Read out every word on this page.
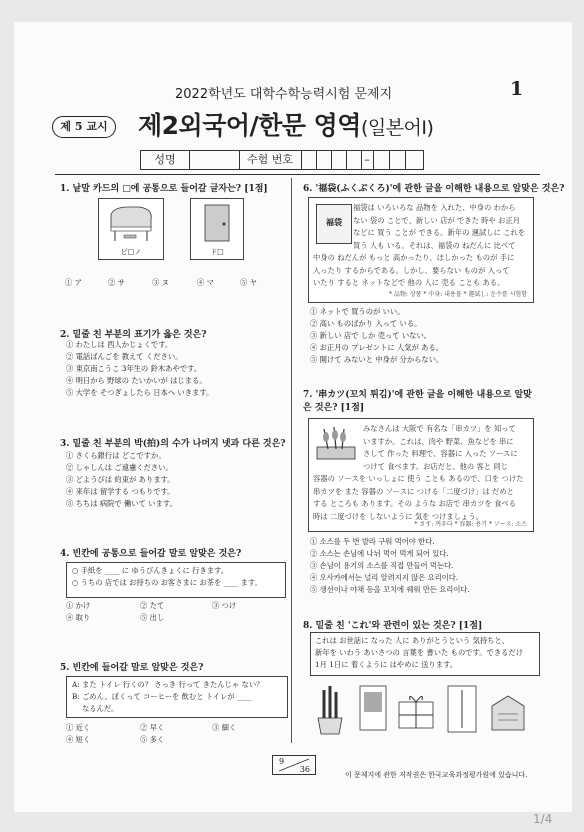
2022학년도 대학수학능력시험 문제지	1
제 5 교시	제2외국어/한문 영역(일본어Ⅰ)
성명	수험 번호	–
1. 낱말 카드의 □에 공통으로 들어갈 글자는? [1점]
ピ□ノ	ド□
① ア	② サ	③ ヌ	④ マ	⑤ ヤ
2. 밑줄 친 부분의 표기가 옳은 것은?
① わたしは 西人かじょくです。
② 電話ばんごを 教えて ください。
③ 東京南こうこ 3年生の 鈴木あやです。
④ 明日から 野球の たいかいが はじまる。
⑤ 大学を そつぎょしたら 日本へ いきます。
3. 밑줄 친 부분의 박(拍)의 수가 나머지 넷과 다른 것은?
① さくら銀行は どこですか。
② しゃしんは ご遠慮ください。
③ どようびは 約束が あります。
④ 来年は 留学する つもりです。
⑤ ちちは 病院で 働いて います。
4. 빈칸에 공통으로 들어갈 말로 알맞은 것은?
○ 手紙を ____ に ゆうびんきょくに 行きます。
○ うちの 店では お持ちの お客さまに お茶を ____ ます。
① かけ	② たて	③ つけ
④ 取り	⑤ 出し
5. 빈칸에 들어갈 말로 알맞은 것은?
A: また トイレ 行くの？ さっき 行って きたんじゃ ない？
B: ごめん。ぼくって コーヒーを 飲むと トイレが ____
なるんだ。
① 近く	② 早く	③ 細く
④ 短く	⑤ 多く
6. '福袋(ふくぶくろ)'에 관한 글을 이해한 내용으로 알맞은 것은?
福袋
福袋は いろいろな 品物を 入れた、中身の わから
ない 袋の ことで、新しい 店が できた 時や お正月
などに 買う ことが できる。新年の 運試しに これを
買う 人も いる。それは、福袋の ねだんに 比べて
中身の ねだんが もっと 高かったり、ほしかった ものが 手に
入ったり するからである。しかし、要らない ものが 入って
いたり すると ネットなどで 他の 人に 売る ことも ある。
* 品物: 상품 * 中身: 내용물 * 運試し: 운수를 시험함
① ネットで 買うのが いい。
② 高い ものばかり 入って いる。
③ 新しい 店で しか 売って いない。
④ お正月の プレゼントに 人気が ある。
⑤ 開けて みないと 中身が 分からない。
7. '串カツ(꼬치 튀김)'에 관한 글을 이해한 내용으로 알맞은 것은? [1점]
みなさんは 大阪で 有名な「串カツ」を 知って
いますか。これは、肉や 野菜、魚などを 串に
さして 作った 料理で、容器に 入った ソースに
つけて 食べます。お店だと、他の 客と 同じ
容器の ソースを いっしょに 使う ことも あるので、口を つけた
串カツを また 容器の ソースに つける「二度づけ」は だめと
する ところも あります。その ような お店で 串カツを 食べる
時は 二度づけを しないように 気を つけましょう。
* さす: 꺼우다 * 容器: 용기 * ソース: 소스
① 소스를 두 번 발라 구워 먹어야 한다.
② 소스는 손님에 나뉘 먹어 먹게 되어 있다.
③ 손님이 용기의 소스를 직접 만들어 먹는다.
④ 오사카에서는 널리 알려지지 않은 요리이다.
⑤ 생선이나 야채 등을 꼬치에 꿰워 만든 요리이다.
8. 밑줄 친 'これ'와 관련이 있는 것은? [1점]
これは お世話に なった 人に ありがとうという 気持ちと、
新年を いわう あいさつの 言葉を 書いた ものです。できるだけ
1月 1日に 着くように はやめに 送ります。
9
36
이 문제지에 관한 저작권은 한국교육과정평가원에 있습니다.
1/4
